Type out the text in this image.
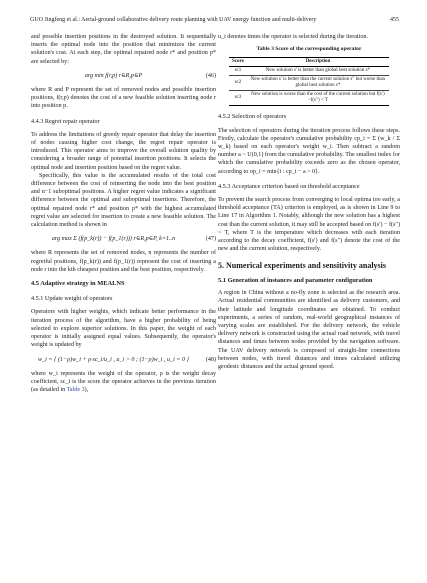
GUO Jingfeng et al.: Aerial-ground collaborative delivery route planning with UAV energy function and multi-delivery	455

and possible insertion positions in the destroyed solution. It sequentially inserts the optimal node into the position that minimizes the current solution's cost. At each step, the optimal repaired node r* and position p* are selected by:

arg min f(r,p) r∈R,p∈P	(46)

where R and P represent the set of removed nodes and possible insertion positions, f(r,p) denotes the cost of a new feasible solution inserting node r into position p.

4.4.3 Regret repair operator

To address the limitations of greedy repair operator that delay the insertion of nodes causing higher cost change, the regret repair operator is introduced. This operator aims to improve the overall solution quality by considering a broader range of potential insertion positions. It selects the optimal node and insertion position based on the regret value.

Specifically, this value is the accumulated results of the total cost difference between the cost of reinserting the node into the best position and n−1 suboptimal positions. A higher regret value indicates a significant difference between the optimal and suboptimal insertions. Therefore, the optimal repaired node r* and position p* with the highest accumulated regret value are selected for insertion to create a new feasible solution. The calculation method is shown in

arg max Σ (f(p_k(r)) − f(p_1(r))) r∈R,p∈P, k=1..n	(47)

where R represents the set of removed nodes, n represents the number of regretful positions, f(p_k(r)) and f(p_1(r)) represent the cost of inserting a node r into the kth cheapest position and the best position, respectively.

4.5 Adaptive strategy in MEALNS
4.5.1 Update weight of operators

Operators with higher weights, which indicate better performance in the iteration process of the algorithm, have a higher probability of being selected to explore superior solutions. In this paper, the weight of each operator is initially assigned equal values. Subsequently, the operator's weight is updated by

w_i = { (1−ρ)w_i + ρ·sc_i/u_i , u_i > 0 ; (1−ρ)w_i , u_i = 0 }	(48)

where w_i represents the weight of the operator, ρ is the weight decay coefficient, sc_i is the score the operator achieves in the previous iteration (as detailed in Table 3),

u_i denotes times the operator is selected during the iteration.

Table 3 Score of the corresponding operator
Score	Description
sc1	New solution s′ is better than global best solution s*
sc2	New solution s′ is better than the current solution s″ but worse than global best solution s*
sc3	New solution is worse than the cost of the current solution but f(s′)−f(s″) < T
4.5.2 Selection of operators

The selection of operators during the iteration process follows these steps. Firstly, calculate the operator's cumulative probability cp_i = Σ (w_k / Σ w_k) based on each operator's weight w_i. Then subtract a random number a ~ U(0,1) from the cumulative probability. The smallest index for which the cumulative probability exceeds zero as the chosen operator, according to op_i = min{i : cp_i − a > 0}.

4.5.3 Acceptance criterion based on threshold acceptance

To prevent the search process from converging to local optima too early, a threshold acceptance (TA) criterion is employed, as is shown in Line 9 to Line 17 in Algorithm 1. Notably, although the new solution has a highest cost than the current solution, it may still be accepted based on f(s′) − f(s″) < T, where T is the temperature which decreases with each iteration according to the decay coefficient, f(s′) and f(s″) denote the cost of the new and the current solution, respectively.

5. Numerical experiments and sensitivity analysis
5.1 Generation of instances and parameter configuration

A region in China without a no-fly zone is selected as the research area. Actual residential communities are identified as delivery customers, and their latitude and longitude coordinates are obtained. To conduct experiments, a series of random, real-world geographical instances of varying scales are established. For the delivery network, the vehicle delivery network is constructed using the actual road network, with travel distances and times between nodes provided by the navigation software. The UAV delivery network is composed of straight-line connections between nodes, with travel distances and times calculated utilizing geodesic distances and the actual ground speed.
